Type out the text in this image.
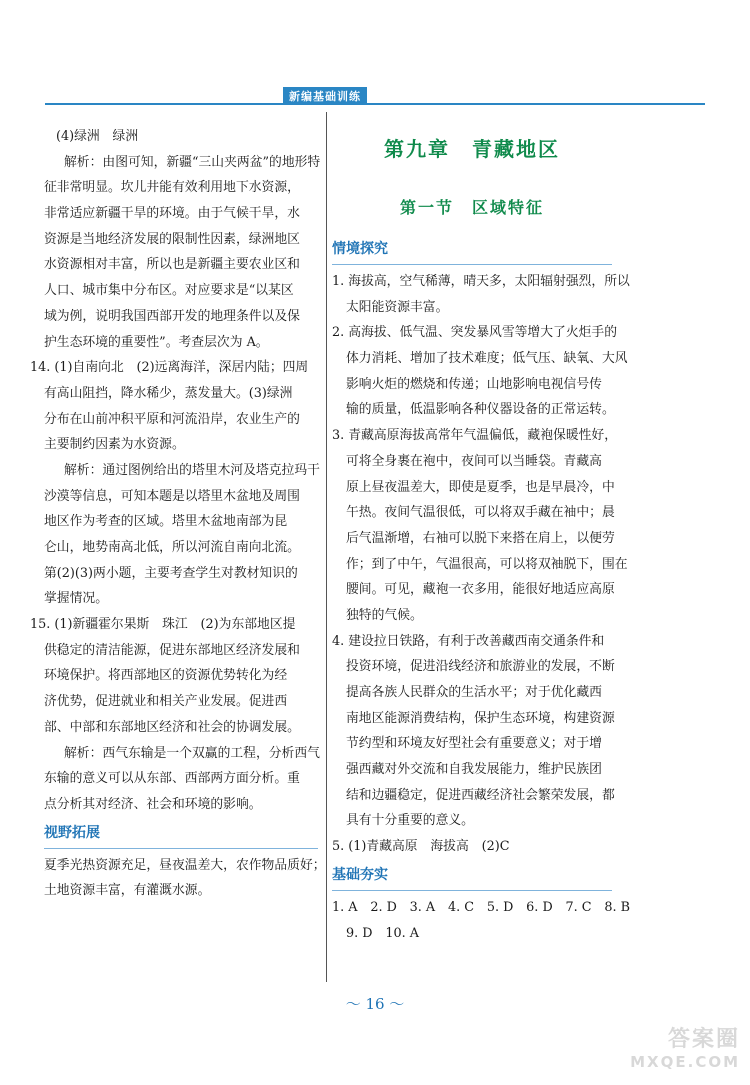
新编基础训练
(4)绿洲　绿洲
解析：由图可知，新疆“三山夹两盆”的地形特
征非常明显。坎儿井能有效利用地下水资源，
非常适应新疆干旱的环境。由于气候干旱，水
资源是当地经济发展的限制性因素，绿洲地区
水资源相对丰富，所以也是新疆主要农业区和
人口、城市集中分布区。对应要求是“以某区
域为例，说明我国西部开发的地理条件以及保
护生态环境的重要性”。考查层次为 A。
14. (1)自南向北　(2)远离海洋，深居内陆；四周
有高山阻挡，降水稀少，蒸发量大。(3)绿洲
分布在山前冲积平原和河流沿岸，农业生产的
主要制约因素为水资源。
解析：通过图例给出的塔里木河及塔克拉玛干
沙漠等信息，可知本题是以塔里木盆地及周围
地区作为考查的区域。塔里木盆地南部为昆
仑山，地势南高北低，所以河流自南向北流。
第(2)(3)两小题，主要考查学生对教材知识的
掌握情况。
15. (1)新疆霍尔果斯　珠江　(2)为东部地区提
供稳定的清洁能源，促进东部地区经济发展和
环境保护。将西部地区的资源优势转化为经
济优势，促进就业和相关产业发展。促进西
部、中部和东部地区经济和社会的协调发展。
解析：西气东输是一个双赢的工程，分析西气
东输的意义可以从东部、西部两方面分析。重
点分析其对经济、社会和环境的影响。
视野拓展
夏季光热资源充足，昼夜温差大，农作物品质好；
土地资源丰富，有灌溉水源。
第九章　青藏地区
第一节　区域特征
情境探究
1. 海拔高，空气稀薄，晴天多，太阳辐射强烈，所以
太阳能资源丰富。
2. 高海拔、低气温、突发暴风雪等增大了火炬手的
体力消耗、增加了技术难度；低气压、缺氧、大风
影响火炬的燃烧和传递；山地影响电视信号传
输的质量，低温影响各种仪器设备的正常运转。
3. 青藏高原海拔高常年气温偏低，藏袍保暖性好，
可将全身裹在袍中，夜间可以当睡袋。青藏高
原上昼夜温差大，即使是夏季，也是早晨冷，中
午热。夜间气温很低，可以将双手藏在袖中；晨
后气温渐增，右袖可以脱下来搭在肩上，以便劳
作；到了中午，气温很高，可以将双袖脱下，围在
腰间。可见，藏袍一衣多用，能很好地适应高原
独特的气候。
4. 建设拉日铁路，有利于改善藏西南交通条件和
投资环境，促进沿线经济和旅游业的发展，不断
提高各族人民群众的生活水平；对于优化藏西
南地区能源消费结构，保护生态环境，构建资源
节约型和环境友好型社会有重要意义；对于增
强西藏对外交流和自我发展能力，维护民族团
结和边疆稳定，促进西藏经济社会繁荣发展，都
具有十分重要的意义。
5. (1)青藏高原　海拔高　(2)C
基础夯实
1. A　2. D　3. A　4. C　5. D　6. D　7. C　8. B
9. D　10. A
～ 16 ～
答案圈
MXQE.COM
